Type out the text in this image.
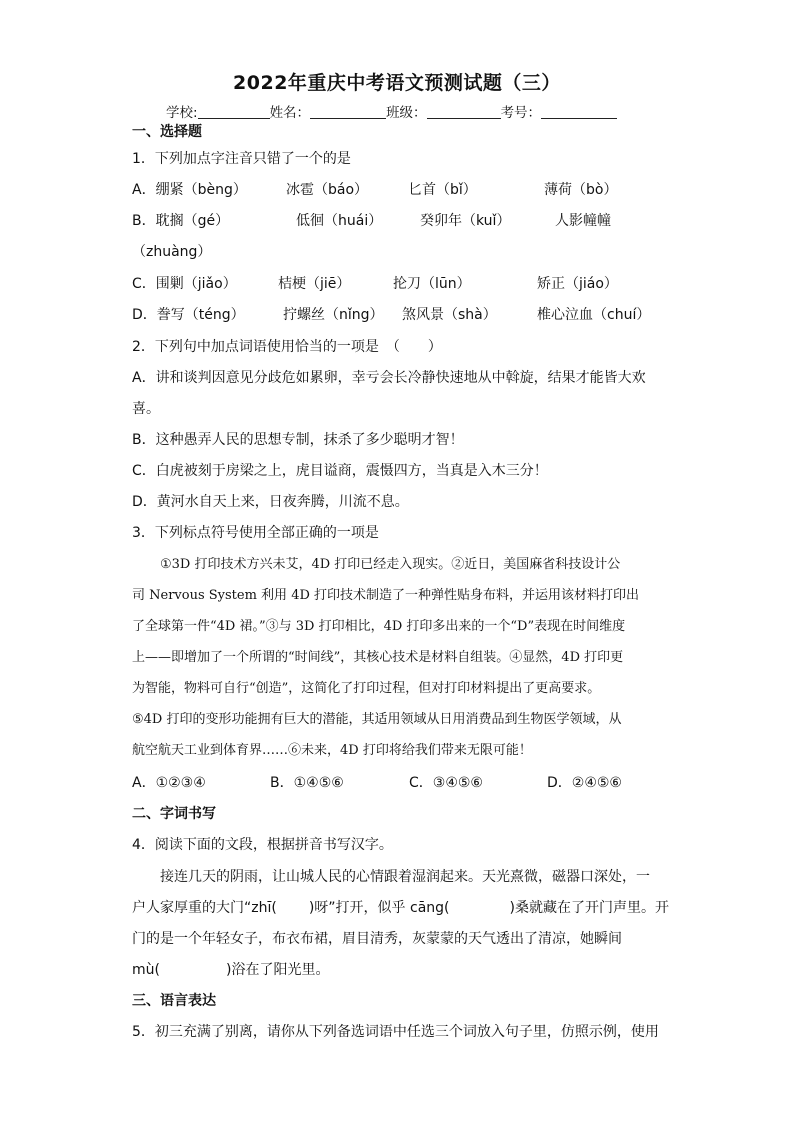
2022年重庆中考语文预测试题（三）
学校:	姓名：	班级：	考号：
一、选择题
1．下列加点字注音只错了一个的是
A．绷紧（bèng）	冰雹（báo）	匕首（bǐ）	薄荷（bò）
B．耽搁（gé）	低徊（huái）	癸卯年（kuǐ）	人影幢幢
（zhuàng）
C．围剿（jiǎo）	桔梗（jiē）	抡刀（lūn）	矫正（jiáo）
D．誊写（téng）	拧螺丝（nǐng） 煞风景（shà）	椎心泣血（chuí）
2．下列句中加点词语使用恰当的一项是　（　　）
A．讲和谈判因意见分歧危如累卵，幸亏会长冷静快速地从中斡旋，结果才能皆大欢
喜。
B．这种愚弄人民的思想专制，抹杀了多少聪明才智！
C．白虎被刻于房梁之上，虎目谥商，震慑四方，当真是入木三分！
D．黄河水自天上来，日夜奔腾，川流不息。
3．下列标点符号使用全部正确的一项是
①3D 打印技术方兴未艾，4D 打印已经走入现实。②近日，美国麻省科技设计公
司 Nervous System 利用 4D 打印技术制造了一种弹性贴身布料，并运用该材料打印出
了全球第一件“4D 裙。”③与 3D 打印相比，4D 打印多出来的一个“D”表现在时间维度
上——即增加了一个所谓的“时间线”，其核心技术是材料自组装。④显然，4D 打印更
为智能，物料可自行“创造”，这简化了打印过程，但对打印材料提出了更高要求。
⑤4D 打印的变形功能拥有巨大的潜能，其适用领域从日用消费品到生物医学领域，从
航空航天工业到体育界……⑥未来，4D 打印将给我们带来无限可能！
A．①②③④	B．①④⑤⑥	C．③④⑤⑥	D．②④⑤⑥
二、字词书写
4．阅读下面的文段，根据拼音书写汉字。
接连几天的阴雨，让山城人民的心情跟着湿润起来。天光熹微，磁器口深处，一
户人家厚重的大门“zhī( )呀”打开，似乎 cāng(	)桑就藏在了开门声里。开
门的是一个年轻女子，布衣布裙，眉目清秀，灰蒙蒙的天气透出了清凉，她瞬间
mù(	)浴在了阳光里。
三、语言表达
5．初三充满了别离，请你从下列备选词语中任选三个词放入句子里，仿照示例，使用
